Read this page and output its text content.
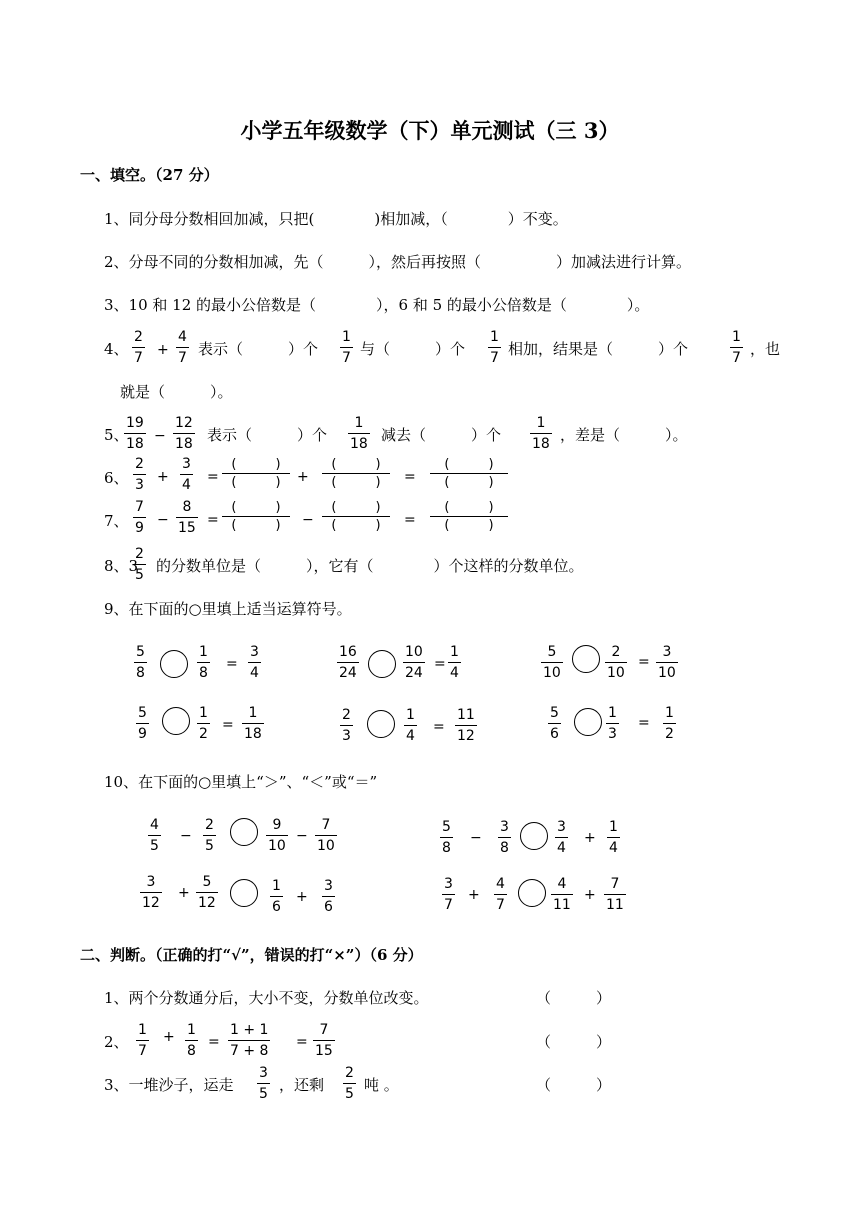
小学五年级数学（下）单元测试（三 3）
一、填空。（27 分）
1、同分母分数相回加减，只把(　　　　)相加减，（　　　　）不变。
2、分母不同的分数相加减，先（　　　），然后再按照（　　　　　）加减法进行计算。
3、10 和 12 的最小公倍数是（　　　　），6 和 5 的最小公倍数是（　　　　）。
4、
2
7 +
4
7 表示（　　　）个
1
7 与（　　　）个
1
7 相加，结果是（　　　）个
1
7 ，也
就是（　　　）。
5、
19
18 −
12
18 表示（　　　）个
1
18 减去（　　　）个
1
18 ，差是（　　　）。
6、
2
3 +
3
4 =
(　　　)
(　　　) +
(　　　)
(　　　) =
(　　　)
(　　　)
7、
7
9 −
8
15 =
(　　　)
(　　　) −
(　　　)
(　　　) =
(　　　)
(　　　)
8、3
2
5 的分数单位是（　　　），它有（　　　　）个这样的分数单位。
9、在下面的○里填上适当运算符号。
5
8
1
8
=
3
4
16
24
10
24
=
1
4
5
10
2
10
=
3
10
5
9
1
2
=
1
18
2
3
1
4
=
11
12
5
6
1
3
=
1
2
10、在下面的○里填上“＞”、“＜”或“＝”
4
5
−
2
5
9
10
−
7
10
5
8
−
3
8
3
4
+
1
4
3
12
+
5
12
1
6
+
3
6
3
7
+
4
7
4
11
+
7
11
二、判断。（正确的打“√”，错误的打“×”）（6 分）
1、两个分数通分后，大小不变，分数单位改变。	（　　　）
2、
1
7
+ 1
8
=
1 + 1
7 + 8
=
7
15	（　　　）
3、一堆沙子，运走
3
5 ，还剩
2
5 吨 。	（　　　）
